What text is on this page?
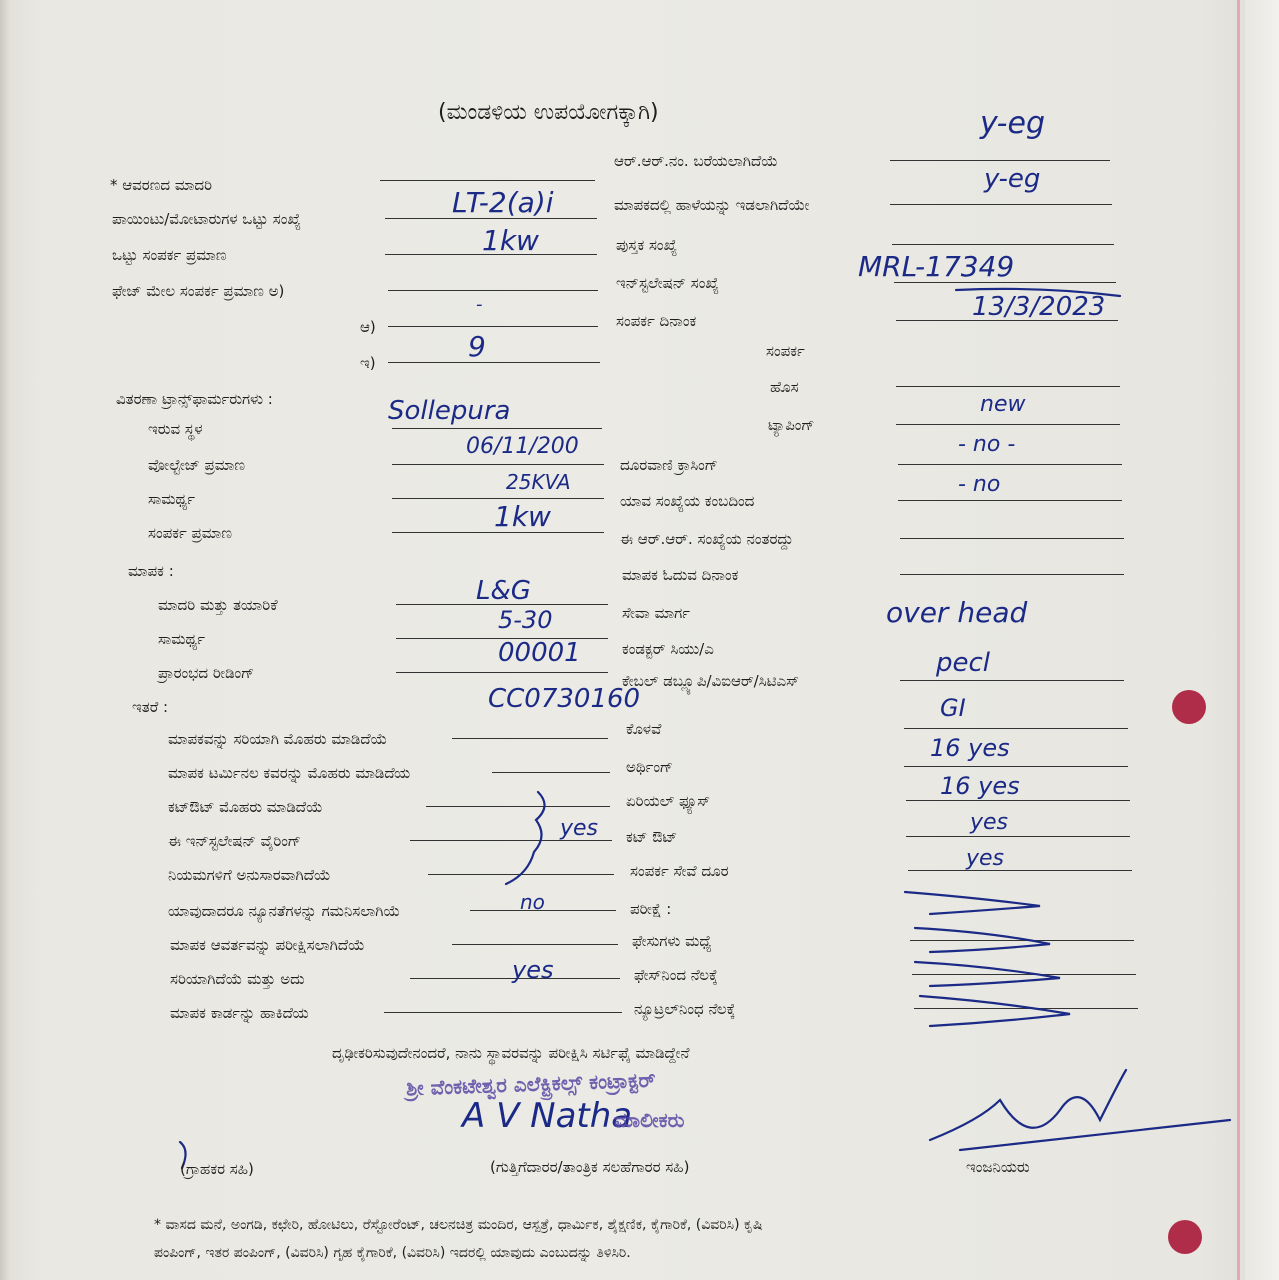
(ಮಂಡಳಿಯ ಉಪಯೋಗಕ್ಕಾಗಿ)
* ಆವರಣದ ಮಾದರಿ
ಪಾಯಿಂಟು/ಮೋಟಾರುಗಳ ಒಟ್ಟು ಸಂಖ್ಯೆ
ಒಟ್ಟು ಸಂಪರ್ಕ ಪ್ರಮಾಣ
ಫೇಜ್ ಮೇಲ ಸಂಪರ್ಕ ಪ್ರಮಾಣ ಅ)
ಆ)
ಇ)
ವಿತರಣಾ ಟ್ರಾನ್ಸ್‌ಫಾರ್ಮರುಗಳು :
ಇರುವ ಸ್ಥಳ
ವೋಲ್ಟೇಜ್ ಪ್ರಮಾಣ
ಸಾಮರ್ಥ್ಯ
ಸಂಪರ್ಕ ಪ್ರಮಾಣ
ಮಾಪಕ :
ಮಾದರಿ ಮತ್ತು ತಯಾರಿಕೆ
ಸಾಮರ್ಥ್ಯ
ಪ್ರಾರಂಭದ ರೀಡಿಂಗ್
ಇತರೆ :
ಮಾಪಕವನ್ನು ಸರಿಯಾಗಿ ಮೊಹರು ಮಾಡಿದೆಯೆ
ಮಾಪಕ ಟರ್ಮಿನಲ ಕವರನ್ನು ಮೊಹರು ಮಾಡಿದೆಯ
ಕಟ್‌ಔಟ್ ಮೊಹರು ಮಾಡಿದೆಯೆ
ಈ ಇನ್‌ಸ್ಟಲೇಷನ್ ವೈರಿಂಗ್
ನಿಯಮಗಳಿಗೆ ಅನುಸಾರವಾಗಿದೆಯೆ
ಯಾವುದಾದರೂ ನ್ಯೂನತೆಗಳನ್ನು ಗಮನಿಸಲಾಗಿಯೆ
ಮಾಪಕ ಆವರ್ತವನ್ನು ಪರೀಕ್ಷಿಸಲಾಗಿದೆಯೆ
ಸರಿಯಾಗಿದೆಯೆ ಮತ್ತು ಅದು
ಮಾಪಕ ಕಾರ್ಡನ್ನು ಹಾಕಿದೆಯ
ಆರ್.ಆರ್.ನಂ. ಬರೆಯಲಾಗಿದೆಯೆ
ಮಾಪಕದಲ್ಲಿ ಹಾಳೆಯನ್ನು ಇಡಲಾಗಿದೆಯೇ
ಪುಸ್ತಕ ಸಂಖ್ಯೆ
ಇನ್‌ಸ್ಟಲೇಷನ್ ಸಂಖ್ಯೆ
ಸಂಪರ್ಕ ದಿನಾಂಕ
ಸಂಪರ್ಕ
ಹೊಸ
ಟ್ಯಾಪಿಂಗ್
ದೂರವಾಣಿ ಕ್ರಾಸಿಂಗ್
ಯಾವ ಸಂಖ್ಯೆಯ ಕಂಬದಿಂದ
ಈ ಆರ್.ಆರ್. ಸಂಖ್ಯೆಯ ನಂತರದ್ದು
ಮಾಪಕ ಓದುವ ದಿನಾಂಕ
ಸೇವಾ ಮಾರ್ಗ
ಕಂಡಕ್ಟರ್ ಸಿಯು/ಎ
ಕೇಬಲ್ ಡಬ್ಲ್ಯೂಪಿ/ವಿಐಆರ್/ಸಿಟಿಎಸ್
ಕೊಳವೆ
ಅರ್ಥಿಂಗ್
ಏರಿಯಲ್ ಫ್ಯೂಸ್
ಕಟ್ ಔಟ್
ಸಂಪರ್ಕ ಸೇವೆ ದೂರ
ಪರೀಕ್ಷೆ :
ಫೇಸುಗಳು ಮಧ್ಯೆ
ಫೇಸ್‌ನಿಂದ ನೆಲಕ್ಕೆ
ನ್ಯೂಟ್ರಲ್‌ನಿಂಧ ನೆಲಕ್ಕೆ
LT-2(a)i
1kw
-
9
y-eg
y-eg
MRL-17349
13/3/2023
Sollepura
06/11/200
25KVA
1kw
new
- no -
- no
L&G
5-30
00001
CC0730160
over head
pecl
GI
16 yes
16 yes
yes
yes
no
yes
yes
ದೃಢೀಕರಿಸುವುದೇನಂದರೆ, ನಾನು ಸ್ಥಾವರವನ್ನು ಪರೀಕ್ಷಿಸಿ ಸರ್ಟಿಫೈ ಮಾಡಿದ್ದೇನೆ
ಶ್ರೀ ವೆಂಕಟೇಶ್ವರ ಎಲೆಕ್ಟ್ರಿಕಲ್ಸ್ ಕಂಟ್ರಾಕ್ಟರ್
A V Natha
ಮಾಲೀಕರು
(ಗ್ರಾಹಕರ ಸಹಿ)	(ಗುತ್ತಿಗೆದಾರರ/ತಾಂತ್ರಿಕ ಸಲಹೆಗಾರರ ಸಹಿ)	ಇಂಜನಿಯರು
* ವಾಸದ ಮನೆ, ಅಂಗಡಿ, ಕಛೇರಿ, ಹೋಟಿಲು, ರೆಸ್ಟೋರೆಂಟ್, ಚಲನಚಿತ್ರ ಮಂದಿರ, ಆಸ್ಪತ್ರೆ, ಧಾರ್ಮಿಕ, ಶೈಕ್ಷಣಿಕ, ಕೈಗಾರಿಕೆ, (ವಿವರಿಸಿ) ಕೃಷಿ
ಪಂಪಿಂಗ್, ಇತರ ಪಂಪಿಂಗ್, (ವಿವರಿಸಿ) ಗೃಹ ಕೈಗಾರಿಕೆ, (ವಿವರಿಸಿ) ಇದರಲ್ಲಿ ಯಾವುದು ಎಂಬುದನ್ನು ತಿಳಿಸಿರಿ.
